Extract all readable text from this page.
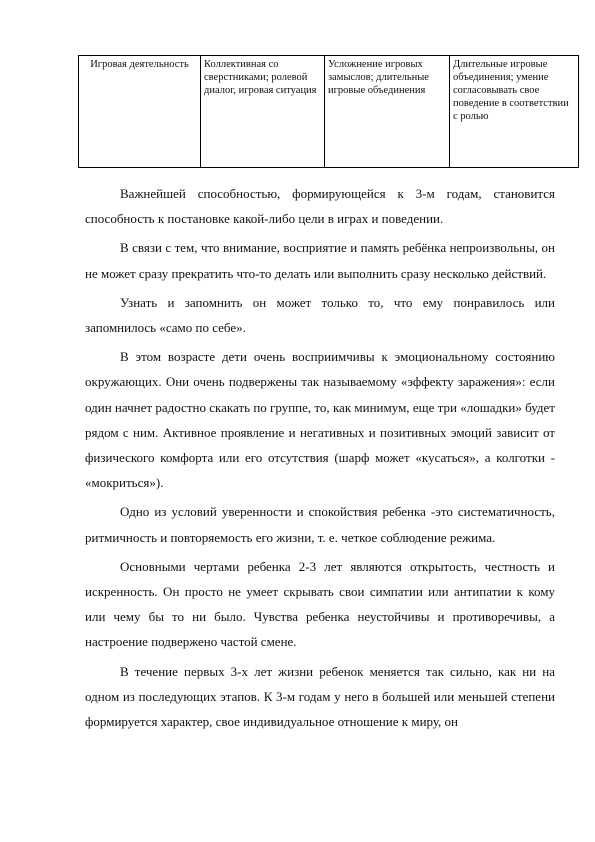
Игровая деятельность	Коллективная со сверстниками; ролевой диалог, игровая ситуация	Усложнение игровых замыслов; длительные игровые объединения	Длительные игровые объединения; умение согласовывать свое поведение в соответствии с ролью

Важнейшей способностью, формирующейся к 3-м годам, становится способность к постановке какой-либо цели в играх и поведении.

В связи с тем, что внимание, восприятие и память ребёнка непроизвольны, он не может сразу прекратить что-то делать или выполнить сразу несколько действий.

Узнать и запомнить он может только то, что ему понравилось или запомнилось «само по себе».

В этом возрасте дети очень восприимчивы к эмоциональному состоянию окружающих. Они очень подвержены так называемому «эффекту заражения»: если один начнет радостно скакать по группе, то, как минимум, еще три «лошадки» будет рядом с ним. Активное проявление и негативных и позитивных эмоций зависит от физического комфорта или его отсутствия (шарф может «кусаться», а колготки - «мокриться»).

Одно из условий уверенности и спокойствия ребенка -это систематичность, ритмичность и повторяемость его жизни, т. е. четкое соблюдение режима.

Основными чертами ребенка 2-3 лет являются открытость, честность и искренность. Он просто не умеет скрывать свои симпатии или антипатии к кому или чему бы то ни было. Чувства ребенка неустойчивы и противоречивы, а настроение подвержено частой смене.

В течение первых 3-х лет жизни ребенок меняется так сильно, как ни на одном из последующих этапов. К 3-м годам у него в большей или меньшей степени формируется характер, свое индивидуальное отношение к миру, он
